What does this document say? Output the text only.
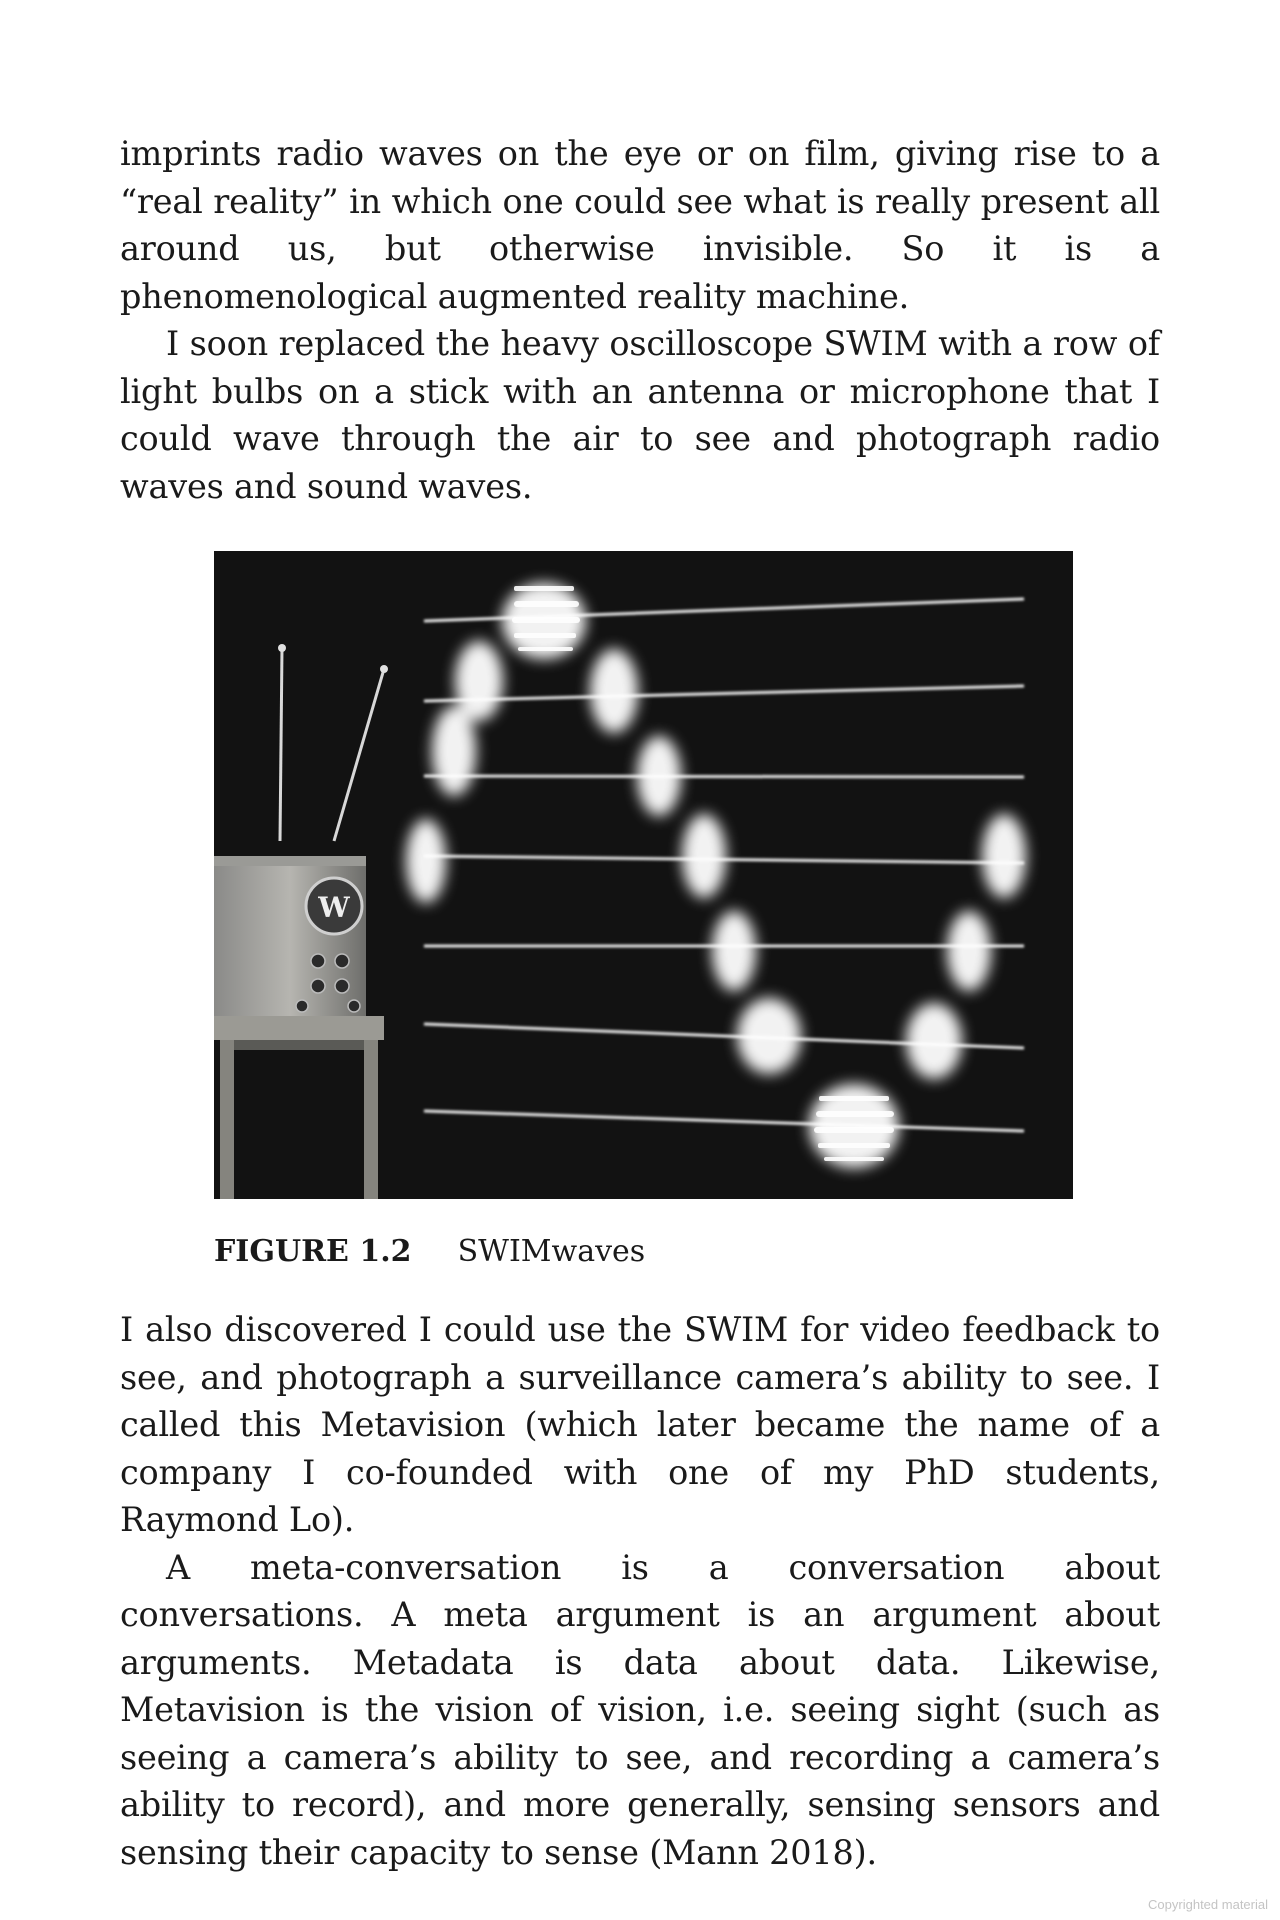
imprints radio waves on the eye or on film, giving rise to a “real reality” in which one could see what is really present all around us, but otherwise invisible. So it is a phenomenological augmented reality machine.

I soon replaced the heavy oscilloscope SWIM with a row of light bulbs on a stick with an antenna or microphone that I could wave through the air to see and photograph radio waves and sound waves.

W
FIGURE 1.2 SWIMwaves

I also discovered I could use the SWIM for video feedback to see, and photograph a surveillance camera’s ability to see. I called this Metavision (which later became the name of a company I co-founded with one of my PhD students, Raymond Lo).

A meta-conversation is a conversation about conversations. A meta argument is an argument about arguments. Metadata is data about data. Likewise, Metavision is the vision of vision, i.e. seeing sight (such as seeing a camera’s ability to see, and recording a camera’s ability to record), and more generally, sensing sensors and sensing their capacity to sense (Mann 2018).

Copyrighted material
